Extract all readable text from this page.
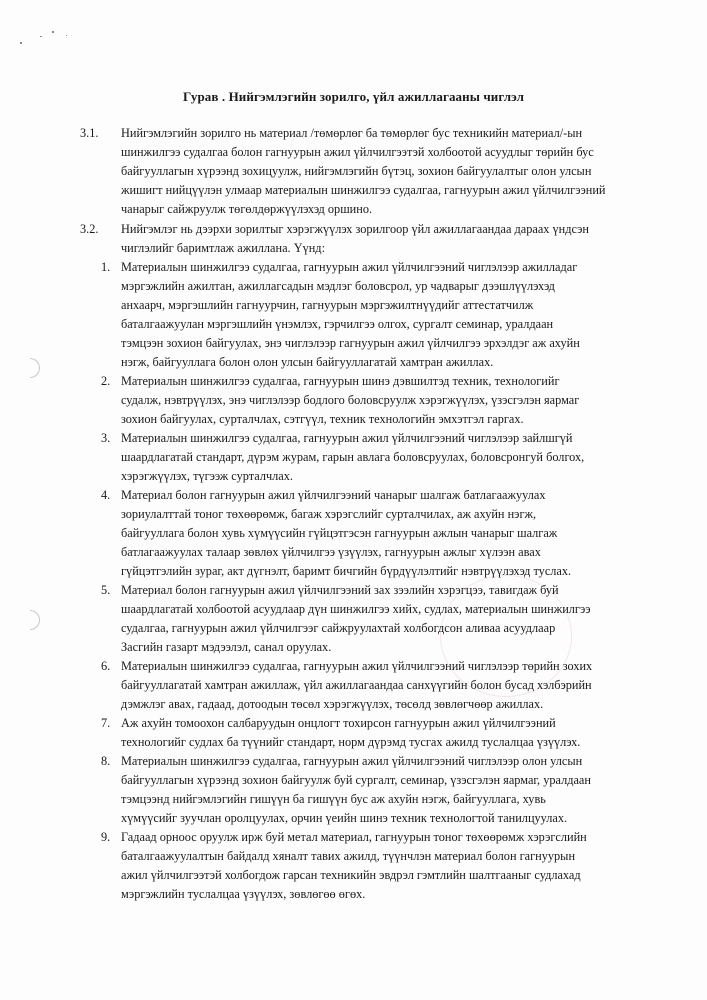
Гурав . Нийгэмлэгийн зорилго, үйл ажиллагааны чиглэл
3.1. Нийгэмлэгийн зорилго нь материал /төмөрлөг ба төмөрлөг бус техникийн материал/-ын
шинжилгээ судалгаа болон гагнуурын ажил үйлчилгээтэй холбоотой асуудлыг төрийн бус
байгууллагын хүрээнд зохицуулж, нийгэмлэгийн бүтэц, зохион байгуулалтыг олон улсын
жишигт нийцүүлэн улмаар материалын шинжилгээ судалгаа, гагнуурын ажил үйлчилгээний
чанарыг сайжруулж төгөлдөржүүлэхэд оршино.
3.2. Нийгэмлэг нь дээрхи зорилтыг хэрэгжүүлэх зорилгоор үйл ажиллагаандаа дараах үндсэн
чиглэлийг баримтлаж ажиллана. Үүнд:
1. Материалын шинжилгээ судалгаа, гагнуурын ажил үйлчилгээний чиглэлээр ажилладаг
мэргэжлийн ажилтан, ажиллагсадын мэдлэг боловсрол, ур чадварыг дээшлүүлэхэд
анхаарч, мэргэшлийн гагнуурчин, гагнуурын мэргэжилтнүүдийг аттестатчилж
баталгаажуулан мэргэшлийн үнэмлэх, гэрчилгээ олгох, сургалт семинар, уралдаан
тэмцээн зохион байгуулах, энэ чиглэлээр гагнуурын ажил үйлчилгээ эрхэлдэг аж ахуйн
нэгж, байгууллага болон олон улсын байгууллагатай хамтран ажиллах.
2. Материалын шинжилгээ судалгаа, гагнуурын шинэ дэвшилтэд техник, технологийг
судалж, нэвтрүүлэх, энэ чиглэлээр бодлого боловсруулж хэрэгжүүлэх, үзэсгэлэн яармаг
зохион байгуулах, сурталчлах, сэтгүүл, техник технологийн эмхэтгэл гаргах.
3. Материалын шинжилгээ судалгаа, гагнуурын ажил үйлчилгээний чиглэлээр зайлшгүй
шаардлагатай стандарт, дүрэм журам, гарын авлага боловсруулах, боловсронгуй болгох,
хэрэгжүүлэх, түгээж сурталчлах.
4. Материал болон гагнуурын ажил үйлчилгээний чанарыг шалгаж батлагаажуулах
зориулалттай тоног төхөөрөмж, багаж хэрэгслийг сурталчилах, аж ахуйн нэгж,
байгууллага болон хувь хүмүүсийн гүйцэтгэсэн гагнуурын ажлын чанарыг шалгаж
батлагаажуулах талаар зөвлөх үйлчилгээ үзүүлэх, гагнуурын ажлыг хүлээн авах
гүйцэтгэлийн зураг, акт дүгнэлт, баримт бичгийн бүрдүүлэлтийг нэвтрүүлэхэд туслах.
5. Материал болон гагнуурын ажил үйлчилгээний зах зээлийн хэрэгцээ, тавигдаж буй
шаардлагатай холбоотой асуудлаар дүн шинжилгээ хийх, судлах, материалын шинжилгээ
судалгаа, гагнуурын ажил үйлчилгээг сайжруулахтай холбогдсон аливаа асуудлаар
Засгийн газарт мэдээлэл, санал оруулах.
6. Материалын шинжилгээ судалгаа, гагнуурын ажил үйлчилгээний чиглэлээр төрийн зохих
байгууллагатай хамтран ажиллаж, үйл ажиллагаандаа санхүүгийн болон бусад хэлбэрийн
дэмжлэг авах, гадаад, дотоодын төсөл хэрэгжүүлэх, төсөлд зөвлөгчөөр ажиллах.
7. Аж ахуйн томоохон салбаруудын онцлогт тохирсон гагнуурын ажил үйлчилгээний
технологийг судлах ба түүнийг стандарт, норм дүрэмд тусгах ажилд туслалцаа үзүүлэх.
8. Материалын шинжилгээ судалгаа, гагнуурын ажил үйлчилгээний чиглэлээр олон улсын
байгууллагын хүрээнд зохион байгуулж буй сургалт, семинар, үзэсгэлэн яармаг, уралдаан
тэмцээнд нийгэмлэгийн гишүүн ба гишүүн бус аж ахуйн нэгж, байгууллага, хувь
хүмүүсийг зуучлан оролцуулах, орчин үеийн шинэ техник технологтой танилцуулах.
9. Гадаад орноос оруулж ирж буй метал материал, гагнуурын тоног төхөөрөмж хэрэгслийн
баталгаажуулалтын байдалд хяналт тавих ажилд, түүнчлэн материал болон гагнуурын
ажил үйлчилгээтэй холбогдож гарсан техникийн эвдрэл гэмтлийн шалтгааныг судлахад
мэргэжлийн туслалцаа үзүүлэх, зөвлөгөө өгөх.
